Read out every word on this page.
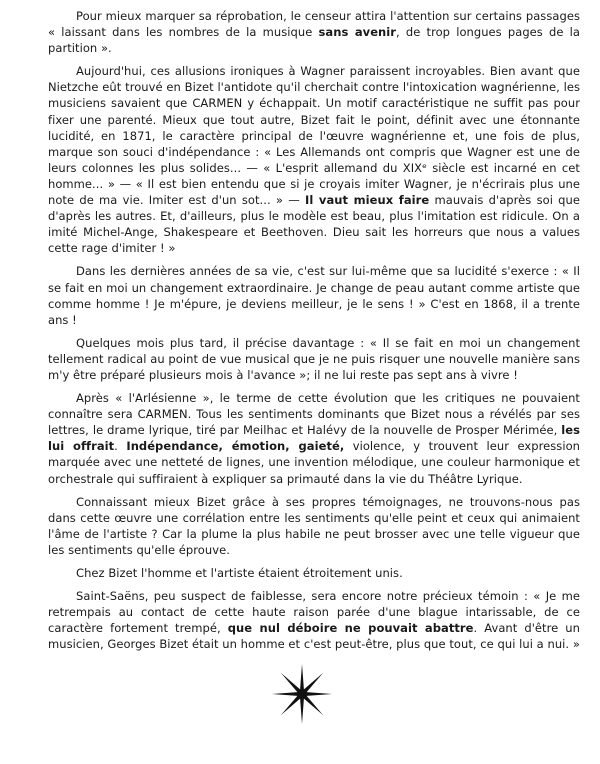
Pour mieux marquer sa réprobation, le censeur attira l'attention sur certains passages « laissant dans les nombres de la musique sans avenir, de trop longues pages de la partition ».

Aujourd'hui, ces allusions ironiques à Wagner paraissent incroyables. Bien avant que Nietzche eût trouvé en Bizet l'antidote qu'il cherchait contre l'intoxication wagnérienne, les musiciens savaient que CARMEN y échappait. Un motif caractéristique ne suffit pas pour fixer une parenté. Mieux que tout autre, Bizet fait le point, définit avec une étonnante lucidité, en 1871, le caractère principal de l'œuvre wagnérienne et, une fois de plus, marque son souci d'indépendance : « Les Allemands ont compris que Wagner est une de leurs colonnes les plus solides... — « L'esprit allemand du XIXᵉ siècle est incarné en cet homme... » — « Il est bien entendu que si je croyais imiter Wagner, je n'écrirais plus une note de ma vie. Imiter est d'un sot... » — Il vaut mieux faire mauvais d'après soi que d'après les autres. Et, d'ailleurs, plus le modèle est beau, plus l'imitation est ridicule. On a imité Michel-Ange, Shakespeare et Beethoven. Dieu sait les horreurs que nous a values cette rage d'imiter ! »

Dans les dernières années de sa vie, c'est sur lui-même que sa lucidité s'exerce : « Il se fait en moi un changement extraordinaire. Je change de peau autant comme artiste que comme homme ! Je m'épure, je deviens meilleur, je le sens ! » C'est en 1868, il a trente ans !

Quelques mois plus tard, il précise davantage : « Il se fait en moi un changement tellement radical au point de vue musical que je ne puis risquer une nouvelle manière sans m'y être préparé plusieurs mois à l'avance »; il ne lui reste pas sept ans à vivre !

Après « l'Arlésienne », le terme de cette évolution que les critiques ne pouvaient connaître sera CARMEN. Tous les sentiments dominants que Bizet nous a révélés par ses lettres, le drame lyrique, tiré par Meilhac et Halévy de la nouvelle de Prosper Mérimée, les lui offrait. Indépendance, émotion, gaieté, violence, y trouvent leur expression marquée avec une netteté de lignes, une invention mélodique, une couleur harmonique et orchestrale qui suffiraient à expliquer sa primauté dans la vie du Théâtre Lyrique.

Connaissant mieux Bizet grâce à ses propres témoignages, ne trouvons-nous pas dans cette œuvre une corrélation entre les sentiments qu'elle peint et ceux qui animaient l'âme de l'artiste ? Car la plume la plus habile ne peut brosser avec une telle vigueur que les sentiments qu'elle éprouve.

Chez Bizet l'homme et l'artiste étaient étroitement unis.

Saint-Saëns, peu suspect de faiblesse, sera encore notre précieux témoin : « Je me retrempais au contact de cette haute raison parée d'une blague intarissable, de ce caractère fortement trempé, que nul déboire ne pouvait abattre. Avant d'être un musicien, Georges Bizet était un homme et c'est peut-être, plus que tout, ce qui lui a nui. »
